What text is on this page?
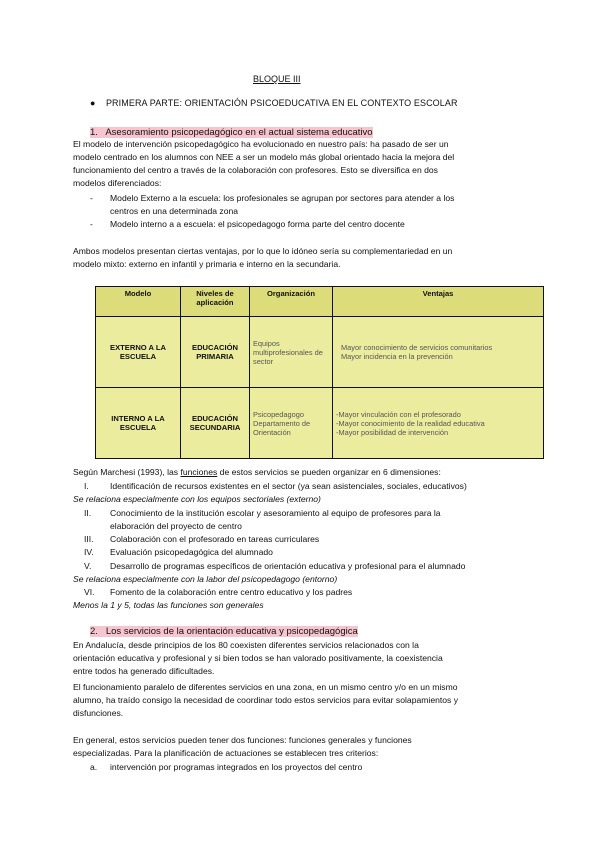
BLOQUE III
● PRIMERA PARTE: ORIENTACIÓN PSICOEDUCATIVA EN EL CONTEXTO ESCOLAR
1. Asesoramiento psicopedagógico en el actual sistema educativo
El modelo de intervención psicopedagógico ha evolucionado en nuestro país: ha pasado de ser un
modelo centrado en los alumnos con NEE a ser un modelo más global orientado hacia la mejora del
funcionamiento del centro a través de la colaboración con profesores. Esto se diversifica en dos
modelos diferenciados:
- Modelo Externo a la escuela: los profesionales se agrupan por sectores para atender a los
centros en una determinada zona
- Modelo interno a a escuela: el psicopedagogo forma parte del centro docente
Ambos modelos presentan ciertas ventajas, por lo que lo idóneo sería su complementariedad en un
modelo mixto: externo en infantil y primaria e interno en la secundaria.
Modelo	Niveles de aplicación	Organización	Ventajas
EXTERNO A LA ESCUELA	EDUCACIÓN PRIMARIA	Equipos multiprofesionales de sector	Mayor conocimiento de servicios comunitarios
Mayor incidencia en la prevención

INTERNO A LA ESCUELA	EDUCACIÓN SECUNDARIA	Psicopedagogo Departamento de Orientación	-Mayor vinculación con el profesorado
-Mayor conocimiento de la realidad educativa
-Mayor posibilidad de intervención
Según Marchesi (1993), las funciones de estos servicios se pueden organizar en 6 dimensiones:
I. Identificación de recursos existentes en el sector (ya sean asistenciales, sociales, educativos)
Se relaciona especialmente con los equipos sectoriales (externo)
II. Conocimiento de la institución escolar y asesoramiento al equipo de profesores para la
elaboración del proyecto de centro
III. Colaboración con el profesorado en tareas curriculares
IV. Evaluación psicopedagógica del alumnado
V. Desarrollo de programas específicos de orientación educativa y profesional para el alumnado
Se relaciona especialmente con la labor del psicopedagogo (entorno)
VI. Fomento de la colaboración entre centro educativo y los padres
Menos la 1 y 5, todas las funciones son generales
2. Los servicios de la orientación educativa y psicopedagógica
En Andalucía, desde principios de los 80 coexisten diferentes servicios relacionados con la
orientación educativa y profesional y si bien todos se han valorado positivamente, la coexistencia
entre todos ha generado dificultades.
El funcionamiento paralelo de diferentes servicios en una zona, en un mismo centro y/o en un mismo
alumno, ha traído consigo la necesidad de coordinar todo estos servicios para evitar solapamientos y
disfunciones.
En general, estos servicios pueden tener dos funciones: funciones generales y funciones
especializadas. Para la planificación de actuaciones se establecen tres criterios:
a. intervención por programas integrados en los proyectos del centro
